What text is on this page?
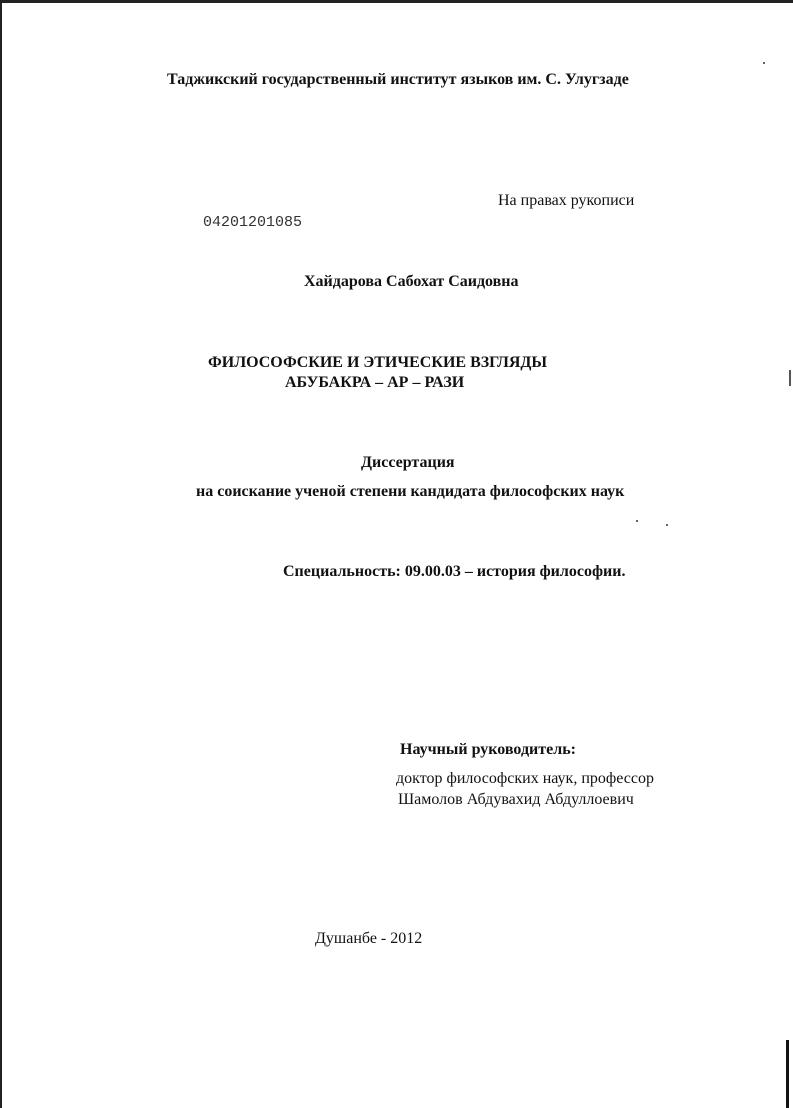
Таджикский государственный институт языков им. С. Улугзаде
На правах рукописи
04201201085
Хайдарова Сабохат Саидовна
ФИЛОСОФСКИЕ И ЭТИЧЕСКИЕ ВЗГЛЯДЫ
АБУБАКРА – АР – РАЗИ
Диссертация
на соискание ученой степени кандидата философских наук
Специальность: 09.00.03 – история философии.
Научный руководитель:
доктор философских наук, профессор
Шамолов Абдувахид Абдуллоевич
Душанбе - 2012
